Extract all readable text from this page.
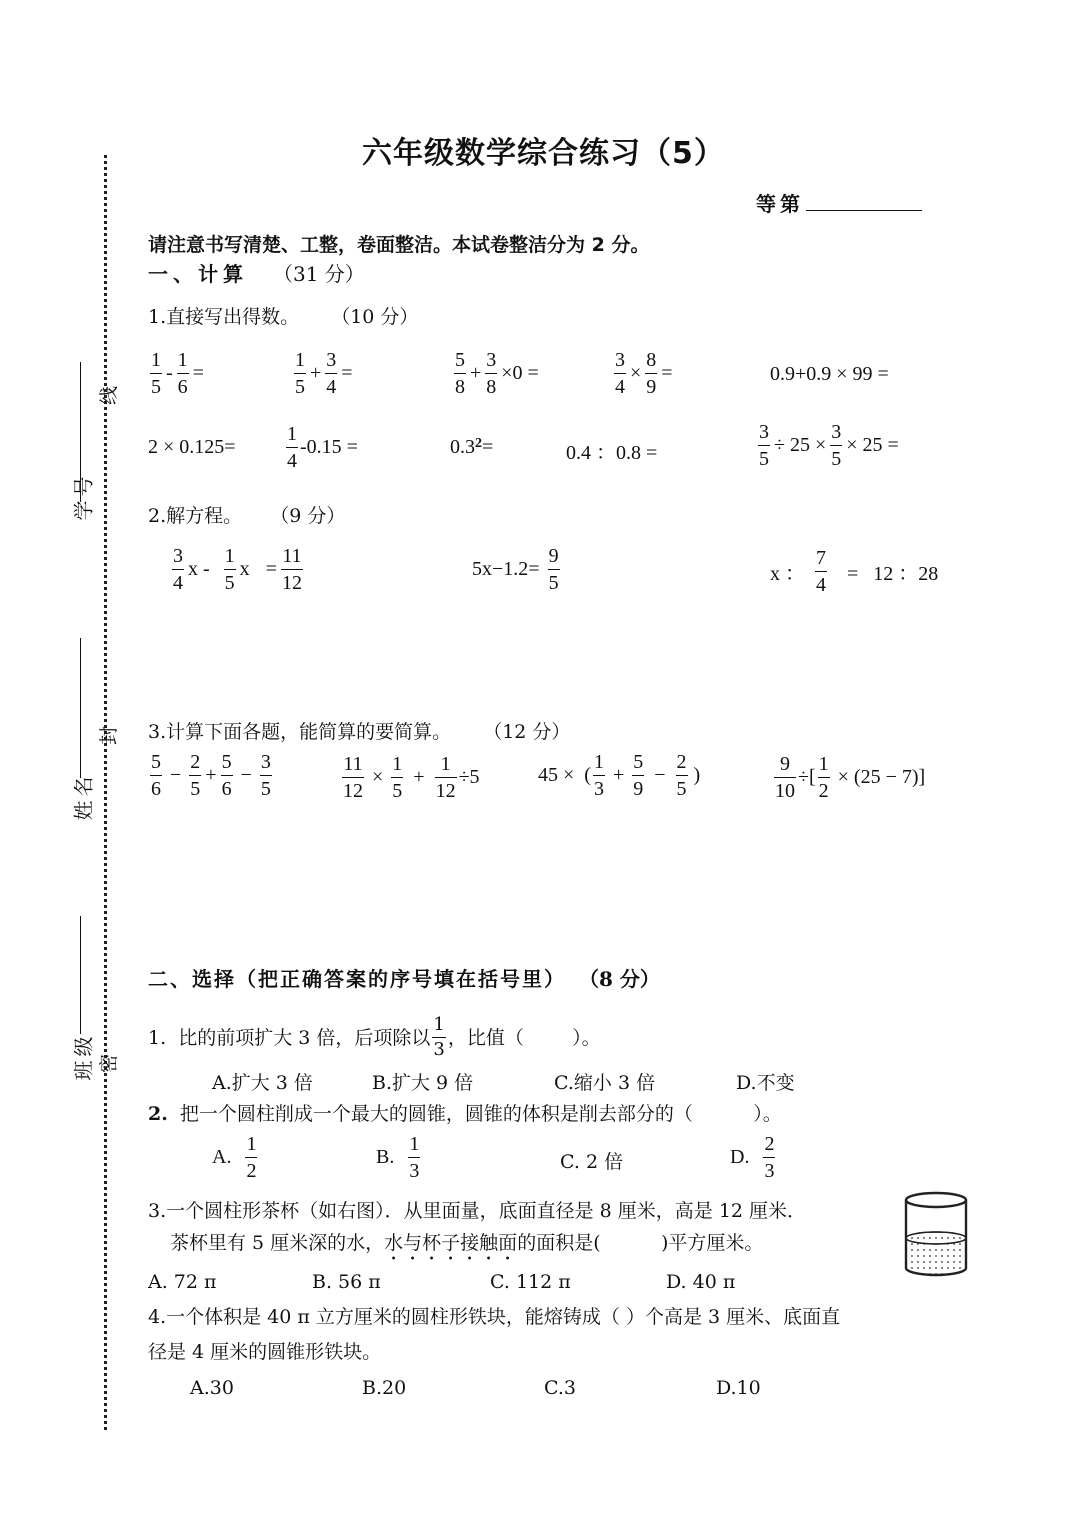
学号
线
姓名
封
班级 密
六年级数学综合练习（5）
等第
请注意书写清楚、工整，卷面整洁。本试卷整洁分为 2 分。
一、计算 （31 分）
1.直接写出得数。 （10 分）
$\frac{1}{5} - \frac{1}{6}$ =	$\frac{1}{5} + \frac{3}{4}$ =	$\frac{5}{8} + \frac{3}{8} \times 0$ =	$\frac{3}{4} \times \frac{8}{9}$ =	0.9+0.9 × 99 =
2 × 0.125=	$\frac{1}{4} -0.15$ =	0.3 2 =	0.4 ：0.8 =	$\frac{3}{5} \div 25 \times \frac{3}{5} \times 25$ =
2.解方程。 （9 分）
$\frac{3}{4}$ x - $\frac{1}{5}$ $x = \frac{11}{12}$	$5x-1.2= \frac{9}{5}$	x ： $\frac{7}{4} = 12$ ：28
3.计算下面各题，能简算的要简算。 （12 分）
$\frac{5}{6} - \frac{2}{5} + \frac{5}{6} - \frac{3}{5}$	$\frac{11}{12} \times \frac{1}{5} + \frac{1}{12} \div 5$	45 ×  ( $\frac{1}{3} + \frac{5}{9} - \frac{2}{5}$ )	$\frac{9}{10}$ ÷[ $\frac{1}{2} \times (25 - 7)$]
二、选择（把正确答案的序号填在括号里） （8 分）
1.  比的前项扩大 3 倍，后项除以 $\frac{1}{3}$ ，比值（        ）。
A.扩大 3 倍	B.扩大 9 倍	C.缩小 3 倍	D.不变
2. 把一个圆柱削成一个最大的圆锥，圆锥的体积是削去部分的（          ）。
A. $\frac{1}{2}$	B. $\frac{1}{3}$	C. 2 倍	D. $\frac{2}{3}$
3.一个圆柱形茶杯（如右图）．从里面量，底面直径是 8 厘米，高是 12 厘米．
茶杯里有 5 厘米深的水，水与杯子接触面的面积是(          )平方厘米。
A. 72 π	B. 56 π	C. 112 π	D. 40 π
4.一个体积是 40 π 立方厘米的圆柱形铁块，能熔铸成（ ）个高是 3 厘米、底面直
径是 4 厘米的圆锥形铁块。
A.30	B.20	C.3	D.10
